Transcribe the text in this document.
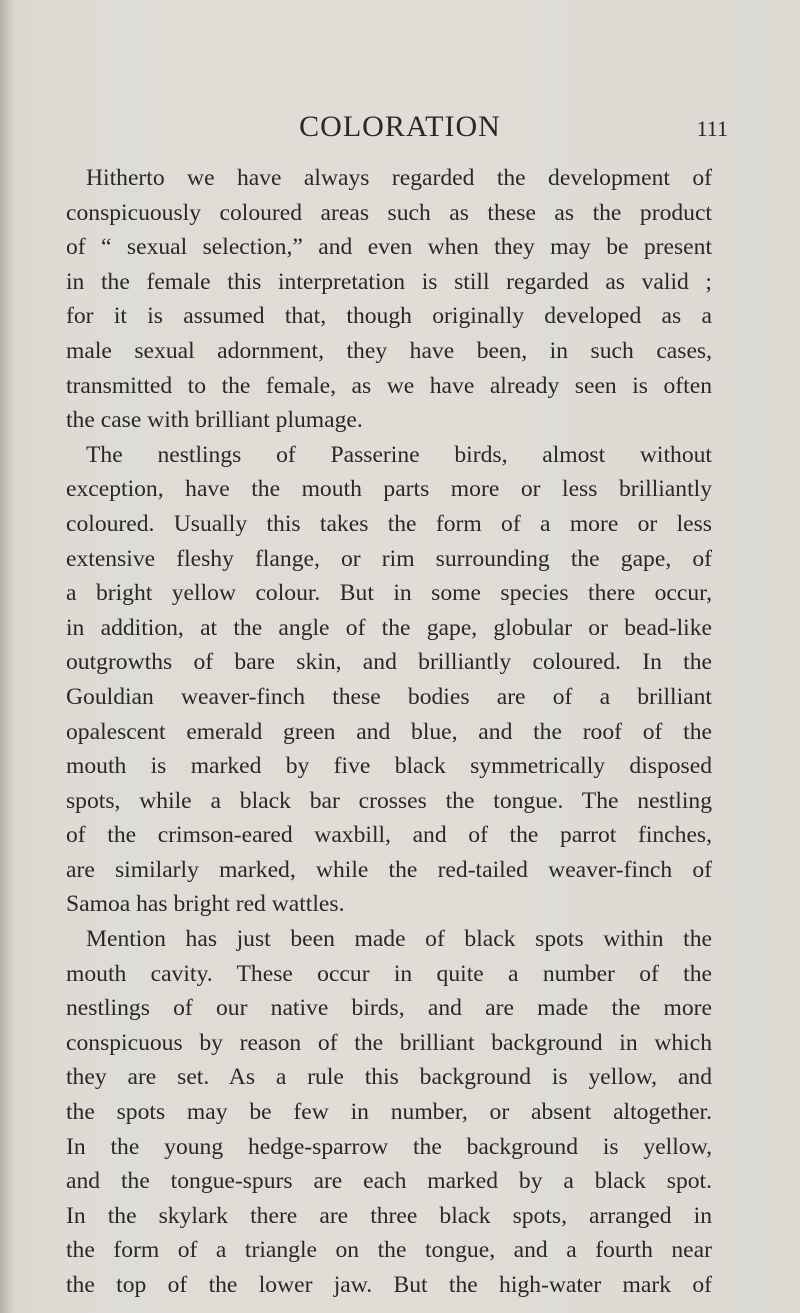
COLORATION	111
Hitherto we have always regarded the development of
conspicuously coloured areas such as these as the product
of “ sexual selection,” and even when they may be present
in the female this interpretation is still regarded as valid ;
for it is assumed that, though originally developed as a
male sexual adornment, they have been, in such cases,
transmitted to the female, as we have already seen is often
the case with brilliant plumage.
The nestlings of Passerine birds, almost without
exception, have the mouth parts more or less brilliantly
coloured. Usually this takes the form of a more or less
extensive fleshy flange, or rim surrounding the gape, of
a bright yellow colour. But in some species there occur,
in addition, at the angle of the gape, globular or bead-like
outgrowths of bare skin, and brilliantly coloured. In the
Gouldian weaver-finch these bodies are of a brilliant
opalescent emerald green and blue, and the roof of the
mouth is marked by five black symmetrically disposed
spots, while a black bar crosses the tongue. The nestling
of the crimson-eared waxbill, and of the parrot finches,
are similarly marked, while the red-tailed weaver-finch of
Samoa has bright red wattles.
Mention has just been made of black spots within the
mouth cavity. These occur in quite a number of the
nestlings of our native birds, and are made the more
conspicuous by reason of the brilliant background in which
they are set. As a rule this background is yellow, and
the spots may be few in number, or absent altogether.
In the young hedge-sparrow the background is yellow,
and the tongue-spurs are each marked by a black spot.
In the skylark there are three black spots, arranged in
the form of a triangle on the tongue, and a fourth near
the top of the lower jaw. But the high-water mark of
